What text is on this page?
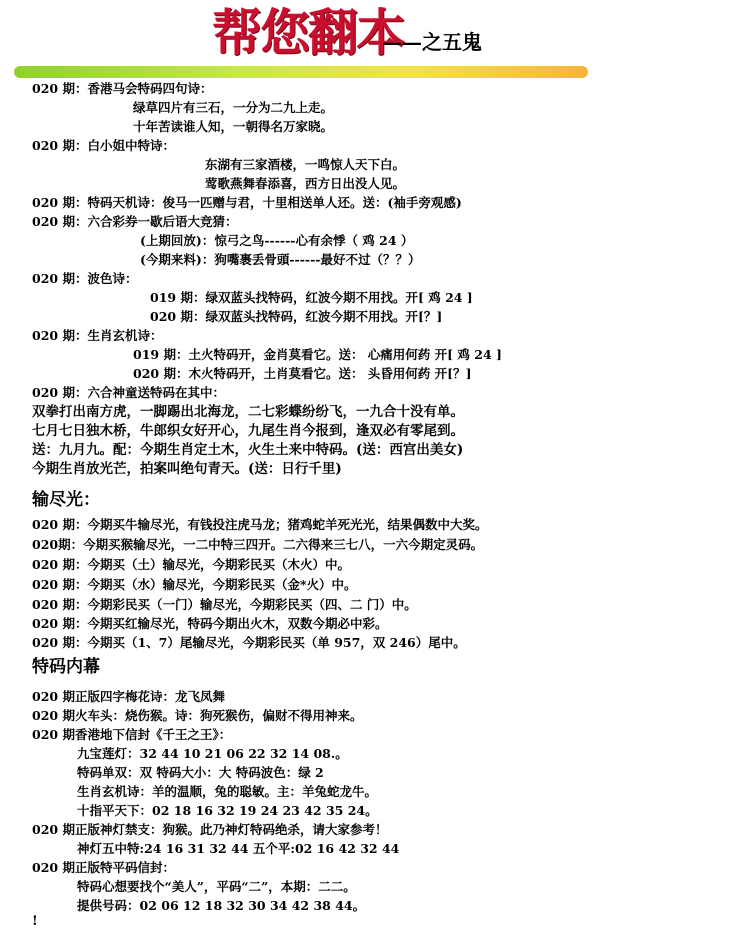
帮您翻本
——之五鬼
020 期：香港马会特码四句诗：
绿草四片有三石，一分为二九上走。
十年苦读谁人知，一朝得名万家晓。
020 期：白小姐中特诗：
东湖有三家酒楼，一鸣惊人天下白。
莺歌燕舞春添喜，西方日出没人见。
020 期：特码天机诗：俊马一匹赠与君，十里相送单人还。送：(袖手旁观感)
020 期：六合彩券一歇后语大竞猜：
(上期回放)：惊弓之鸟------心有余悸（ 鸡 24 ）
(今期来料)：狗嘴裹丢骨頭------最好不过（？？）
020 期：波色诗：
019 期：绿双蓝头找特码，红波今期不用找。开[ 鸡 24 ]
020 期：绿双蓝头找特码，红波今期不用找。开[？]
020 期：生肖玄机诗：
019 期：土火特码开，金肖莫看它。送： 心痛用何药 开[ 鸡 24 ]
020 期：木火特码开，土肖莫看它。送： 头昏用何药 开[？]
020 期：六合神童送特码在其中：
双拳打出南方虎，一脚踢出北海龙，二七彩蝶纷纷飞，一九合十没有单。
七月七日独木桥，牛郎织女好开心，九尾生肖今报到，逢双必有零尾到。
送：九月九。配：今期生肖定土木，火生土来中特码。(送：西宫出美女)
今期生肖放光芒，拍案叫绝句青天。(送：日行千里)
输尽光：
020 期：今期买牛输尽光，有钱投注虎马龙；猪鸡蛇羊死光光，结果偶数中大奖。
020期：今期买猴输尽光，一二中特三四开。二六得来三七八，一六今期定灵码。
020 期：今期买（土）输尽光，今期彩民买（木火）中。
020 期：今期买（水）输尽光，今期彩民买（金*火）中。
020 期：今期彩民买（一门）输尽光，今期彩民买（四、二 门）中。
020 期：今期买红输尽光，特码今期出火木，双数今期必中彩。
020 期：今期买（1、7）尾输尽光，今期彩民买（单 957，双 246）尾中。
特码内幕
020 期正版四字梅花诗：龙飞凤舞
020 期火车头：烧伤猴。诗：狗死猴伤，偏财不得用神来。
020 期香港地下信封《千王之王》：
九宝莲灯：32 44 10 21 06 22 32 14 08.。
特码单双：双 特码大小：大 特码波色：绿 2
生肖玄机诗：羊的温顺，兔的聪敏。主：羊兔蛇龙牛。
十指平天下：02 18 16 32 19 24 23 42 35 24。
020 期正版神灯禁支：狗猴。此乃神灯特码绝杀，请大家参考！
神灯五中特:24 16 31 32 44 五个平:02 16 42 32 44
020 期正版特平码信封：
特码心想要找个“美人”，平码“二”，本期：二二。
提供号码：02 06 12 18 32 30 34 42 38 44。
!
